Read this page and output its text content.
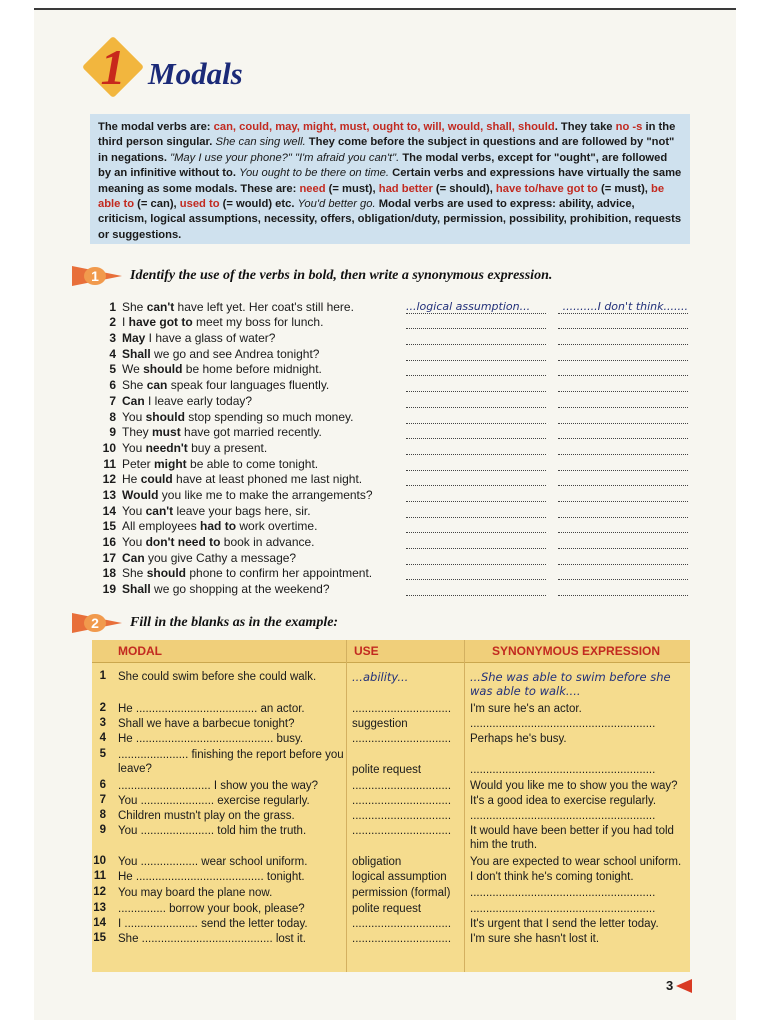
1 Modals
The modal verbs are: can, could, may, might, must, ought to, will, would, shall, should. They take no -s in the third person singular. She can sing well. They come before the subject in questions and are followed by "not" in negations. "May I use your phone?" "I'm afraid you can't". The modal verbs, except for "ought", are followed by an infinitive without to. You ought to be there on time. Certain verbs and expressions have virtually the same meaning as some modals. These are: need (= must), had better (= should), have to/have got to (= must), be able to (= can), used to (= would) etc. You'd better go. Modal verbs are used to express: ability, advice, criticism, logical assumptions, necessity, offers, obligation/duty, permission, possibility, prohibition, requests or suggestions.
1	Identify the use of the verbs in bold, then write a synonymous expression.
1 She can't have left yet. Her coat's still here.	...logical assumption...	..........I don't think.......
2 I have got to meet my boss for lunch.
3 May I have a glass of water?
4 Shall we go and see Andrea tonight?
5 We should be home before midnight.
6 She can speak four languages fluently.
7 Can I leave early today?
8 You should stop spending so much money.
9 They must have got married recently.
10 You needn't buy a present.
11 Peter might be able to come tonight.
12 He could have at least phoned me last night.
13 Would you like me to make the arrangements?
14 You can't leave your bags here, sir.
15 All employees had to work overtime.
16 You don't need to book in advance.
17 Can you give Cathy a message?
18 She should phone to confirm her appointment.
19 Shall we go shopping at the weekend?
2	Fill in the blanks as in the example:
MODAL	USE	SYNONYMOUS EXPRESSION
1 She could swim before she could walk.	...ability...	...She was able to swim before she was able to walk....
2 He ...................................... an actor.	...............................	I'm sure he's an actor.
3 Shall we have a barbecue tonight?	suggestion	..........................................................
4 He ........................................... busy.	...............................	Perhaps he's busy.
5 ...................... finishing the report before you leave?	polite request	..........................................................
6 ............................. I show you the way?	...............................	Would you like me to show you the way?
7 You ....................... exercise regularly.	...............................	It's a good idea to exercise regularly.
8 Children mustn't play on the grass.	...............................	..........................................................
9 You ....................... told him the truth.	...............................	It would have been better if you had told him the truth.
10 You .................. wear school uniform.	obligation	You are expected to wear school uniform.
11 He ........................................ tonight.	logical assumption	I don't think he's coming tonight.
12 You may board the plane now.	permission (formal)	..........................................................
13 ............... borrow your book, please?	polite request	..........................................................
14 I ....................... send the letter today.	...............................	It's urgent that I send the letter today.
15 She ......................................... lost it.	...............................	I'm sure she hasn't lost it.
3
